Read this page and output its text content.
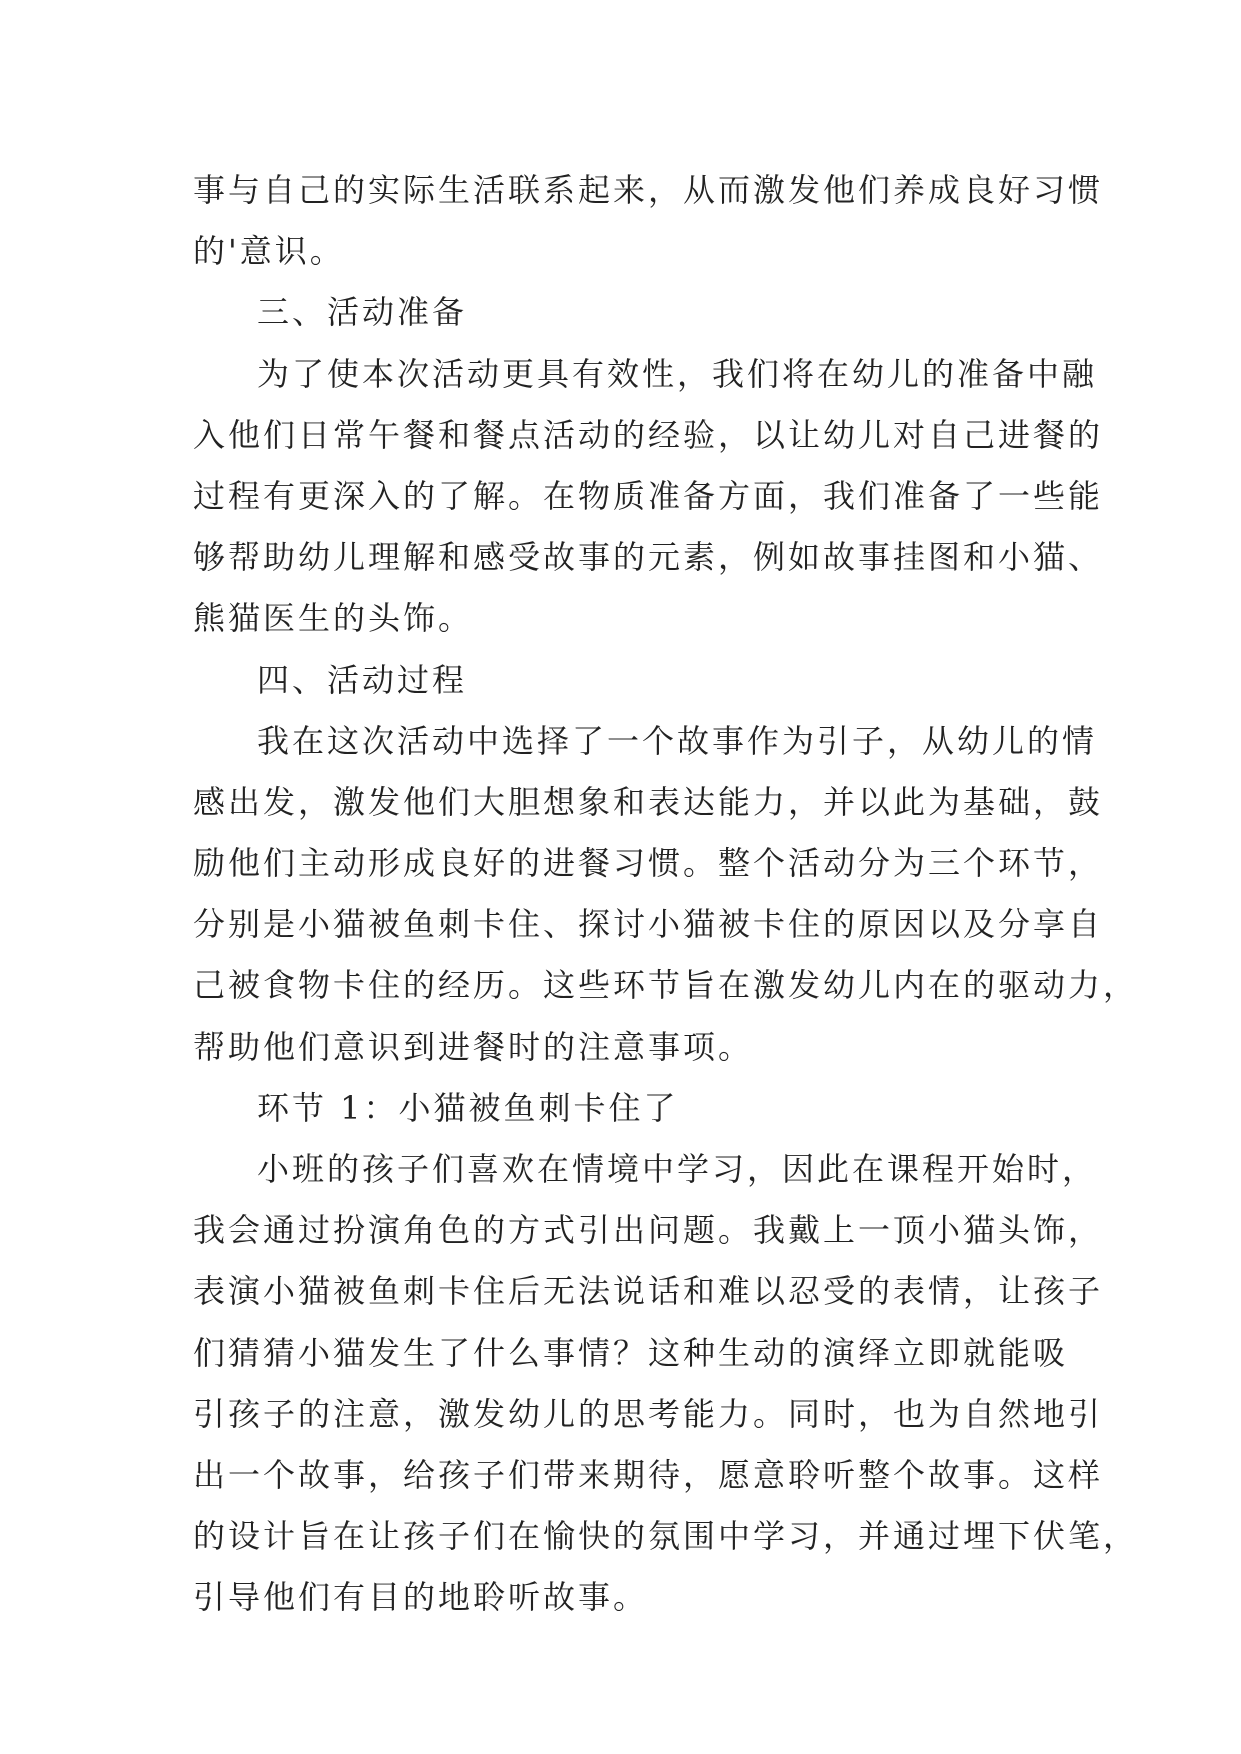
事与自己的实际生活联系起来，从而激发他们养成良好习惯
的'意识。
三、活动准备
为了使本次活动更具有效性，我们将在幼儿的准备中融
入他们日常午餐和餐点活动的经验，以让幼儿对自己进餐的
过程有更深入的了解。在物质准备方面，我们准备了一些能
够帮助幼儿理解和感受故事的元素，例如故事挂图和小猫、
熊猫医生的头饰。
四、活动过程
我在这次活动中选择了一个故事作为引子，从幼儿的情
感出发，激发他们大胆想象和表达能力，并以此为基础，鼓
励他们主动形成良好的进餐习惯。整个活动分为三个环节，
分别是小猫被鱼刺卡住、探讨小猫被卡住的原因以及分享自
己被食物卡住的经历。这些环节旨在激发幼儿内在的驱动力，
帮助他们意识到进餐时的注意事项。
环节 1：小猫被鱼刺卡住了
小班的孩子们喜欢在情境中学习，因此在课程开始时，
我会通过扮演角色的方式引出问题。我戴上一顶小猫头饰，
表演小猫被鱼刺卡住后无法说话和难以忍受的表情，让孩子
们猜猜小猫发生了什么事情？这种生动的演绎立即就能吸
引孩子的注意，激发幼儿的思考能力。同时，也为自然地引
出一个故事，给孩子们带来期待，愿意聆听整个故事。这样
的设计旨在让孩子们在愉快的氛围中学习，并通过埋下伏笔，
引导他们有目的地聆听故事。
